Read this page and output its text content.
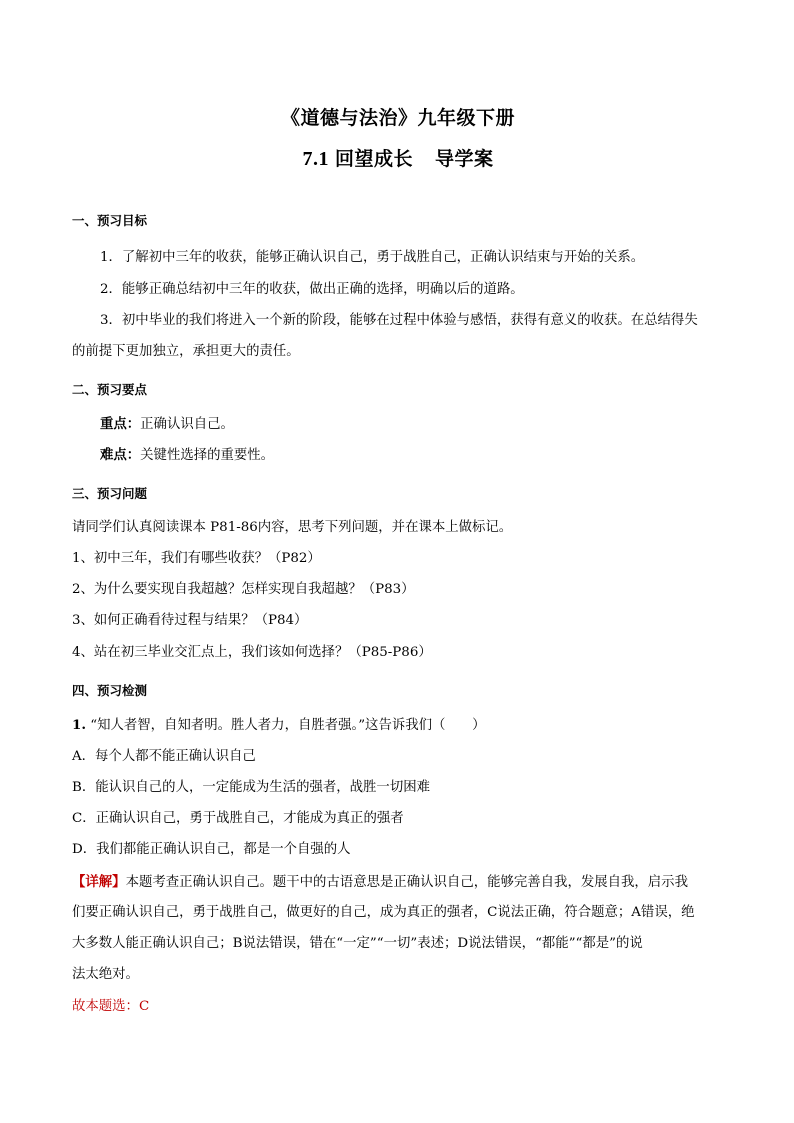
《道德与法治》九年级下册
7.1 回望成长 导学案
一、预习目标
1．了解初中三年的收获，能够正确认识自己，勇于战胜自己，正确认识结束与开始的关系。
2．能够正确总结初中三年的收获，做出正确的选择，明确以后的道路。
3．初中毕业的我们将进入一个新的阶段，能够在过程中体验与感悟，获得有意义的收获。在总结得失
的前提下更加独立，承担更大的责任。
二、预习要点
重点：正确认识自己。
难点：关键性选择的重要性。
三、预习问题
请同学们认真阅读课本 P81-86内容，思考下列问题，并在课本上做标记。
1、初中三年，我们有哪些收获？（P82）
2、为什么要实现自我超越？怎样实现自我超越？（P83）
3、如何正确看待过程与结果？（P84）
4、站在初三毕业交汇点上，我们该如何选择？（P85-P86）
四、预习检测
1. “知人者智，自知者明。胜人者力，自胜者强。”这告诉我们（　　）
A．每个人都不能正确认识自己
B．能认识自己的人，一定能成为生活的强者，战胜一切困难
C．正确认识自己，勇于战胜自己，才能成为真正的强者
D．我们都能正确认识自己，都是一个自强的人
【详解】本题考查正确认识自己。题干中的古语意思是正确认识自己，能够完善自我，发展自我，启示我
们要正确认识自己，勇于战胜自己，做更好的自己，成为真正的强者，C说法正确，符合题意；A错误，绝
大多数人能正确认识自己；B说法错误，错在“一定”“一切”表述；D说法错误，“都能”“都是”的说
法太绝对。
故本题选：C
